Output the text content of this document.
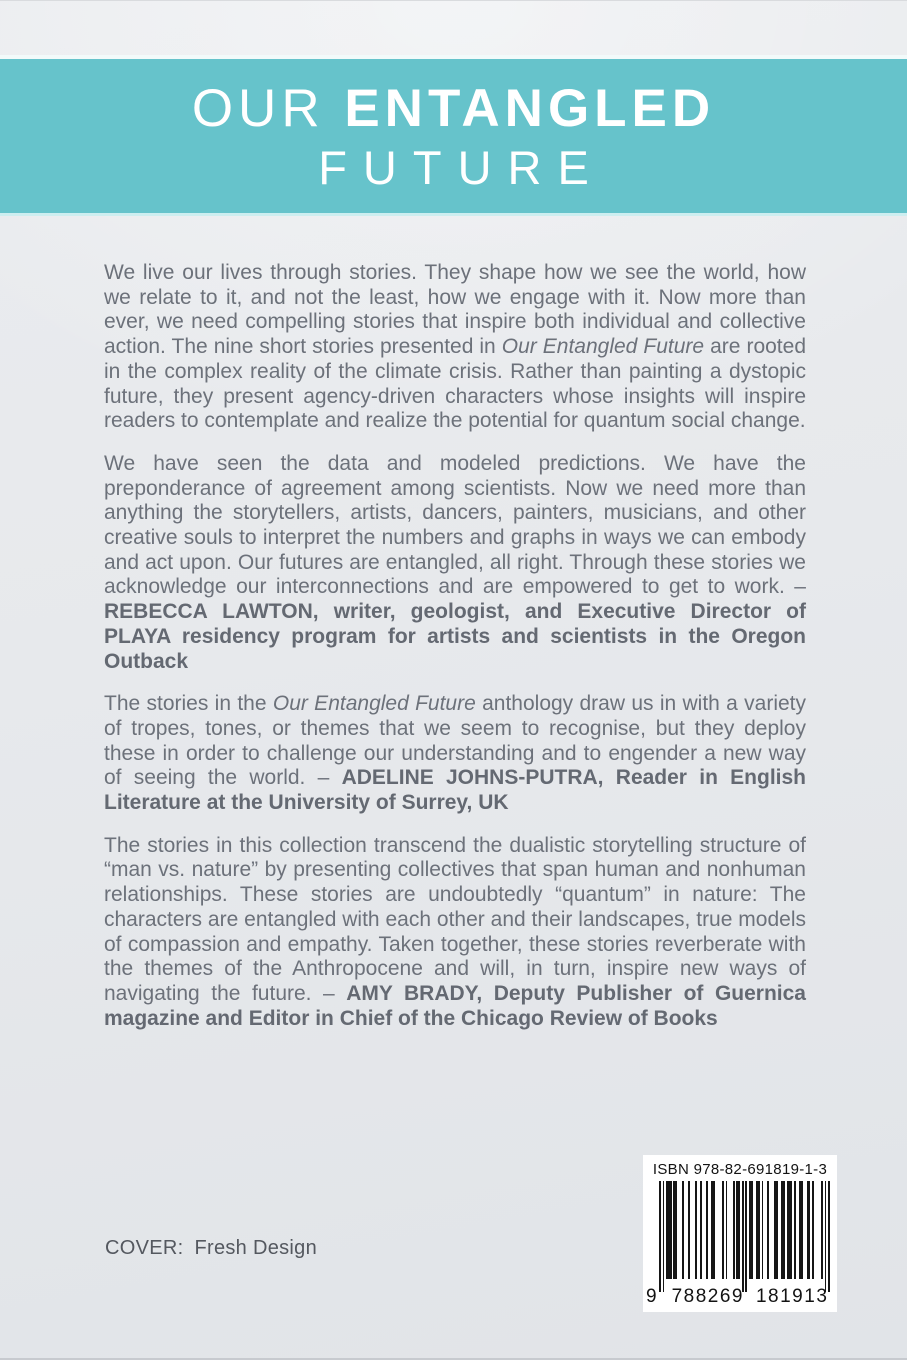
OUR ENTANGLED
FUTURE

We live our lives through stories. They shape how we see the world, how we relate to it, and not the least, how we engage with it. Now more than ever, we need compelling stories that inspire both individual and collective action. The nine short stories presented in Our Entangled Future are rooted in the complex reality of the climate crisis. Rather than painting a dystopic future, they present agency-driven characters whose insights will inspire readers to contemplate and realize the potential for quantum social change.

We have seen the data and modeled predictions. We have the preponderance of agreement among scientists. Now we need more than anything the storytellers, artists, dancers, painters, musicians, and other creative souls to interpret the numbers and graphs in ways we can embody and act upon. Our futures are entangled, all right. Through these stories we acknowledge our interconnections and are empowered to get to work. – REBECCA LAWTON, writer, geologist, and Executive Director of PLAYA residency program for artists and scientists in the Oregon Outback

The stories in the Our Entangled Future anthology draw us in with a variety of tropes, tones, or themes that we seem to recognise, but they deploy these in order to challenge our understanding and to engender a new way of seeing the world. – ADELINE JOHNS-PUTRA, Reader in English Literature at the University of Surrey, UK

The stories in this collection transcend the dualistic storytelling structure of “man vs. nature” by presenting collectives that span human and nonhuman relationships. These stories are undoubtedly “quantum” in nature: The characters are entangled with each other and their landscapes, true models of compassion and empathy. Taken together, these stories reverberate with the themes of the Anthropocene and will, in turn, inspire new ways of navigating the future. – AMY BRADY, Deputy Publisher of Guernica magazine and Editor in Chief of the Chicago Review of Books

COVER: Fresh Design
ISBN 978-82-691819-1-3
9 788269 181913
